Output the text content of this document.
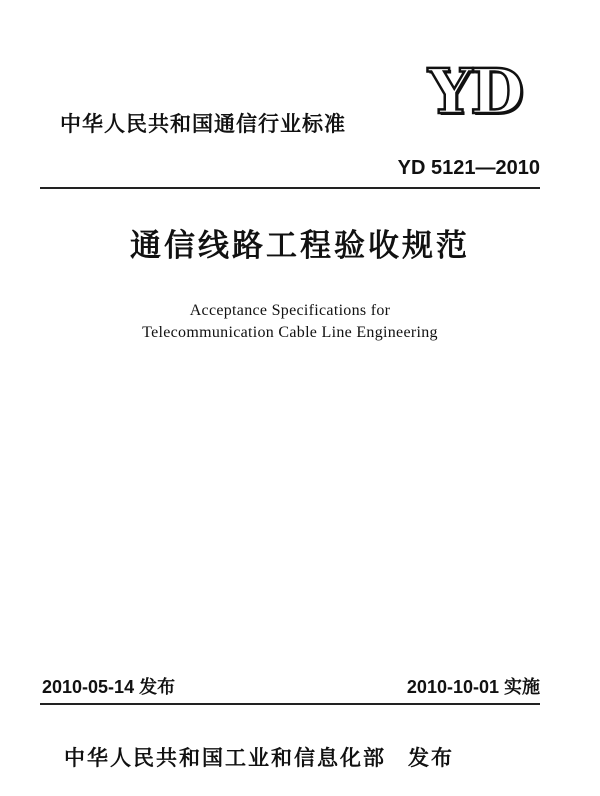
YD
中华人民共和国通信行业标准
YD 5121—2010
通信线路工程验收规范
Acceptance Specifications for
Telecommunication Cable Line Engineering
2010-05-14 发布	2010-10-01 实施
中华人民共和国工业和信息化部 发布
